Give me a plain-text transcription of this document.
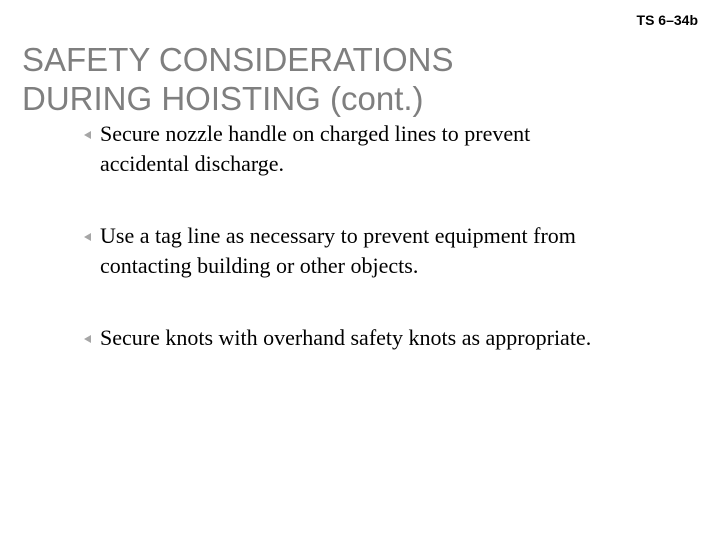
TS 6–34b
SAFETY CONSIDERATIONS
DURING HOISTING (cont.)
Secure nozzle handle on charged lines to prevent
accidental discharge.
Use a tag line as necessary to prevent equipment from
contacting building or other objects.
Secure knots with overhand safety knots as appropriate.
